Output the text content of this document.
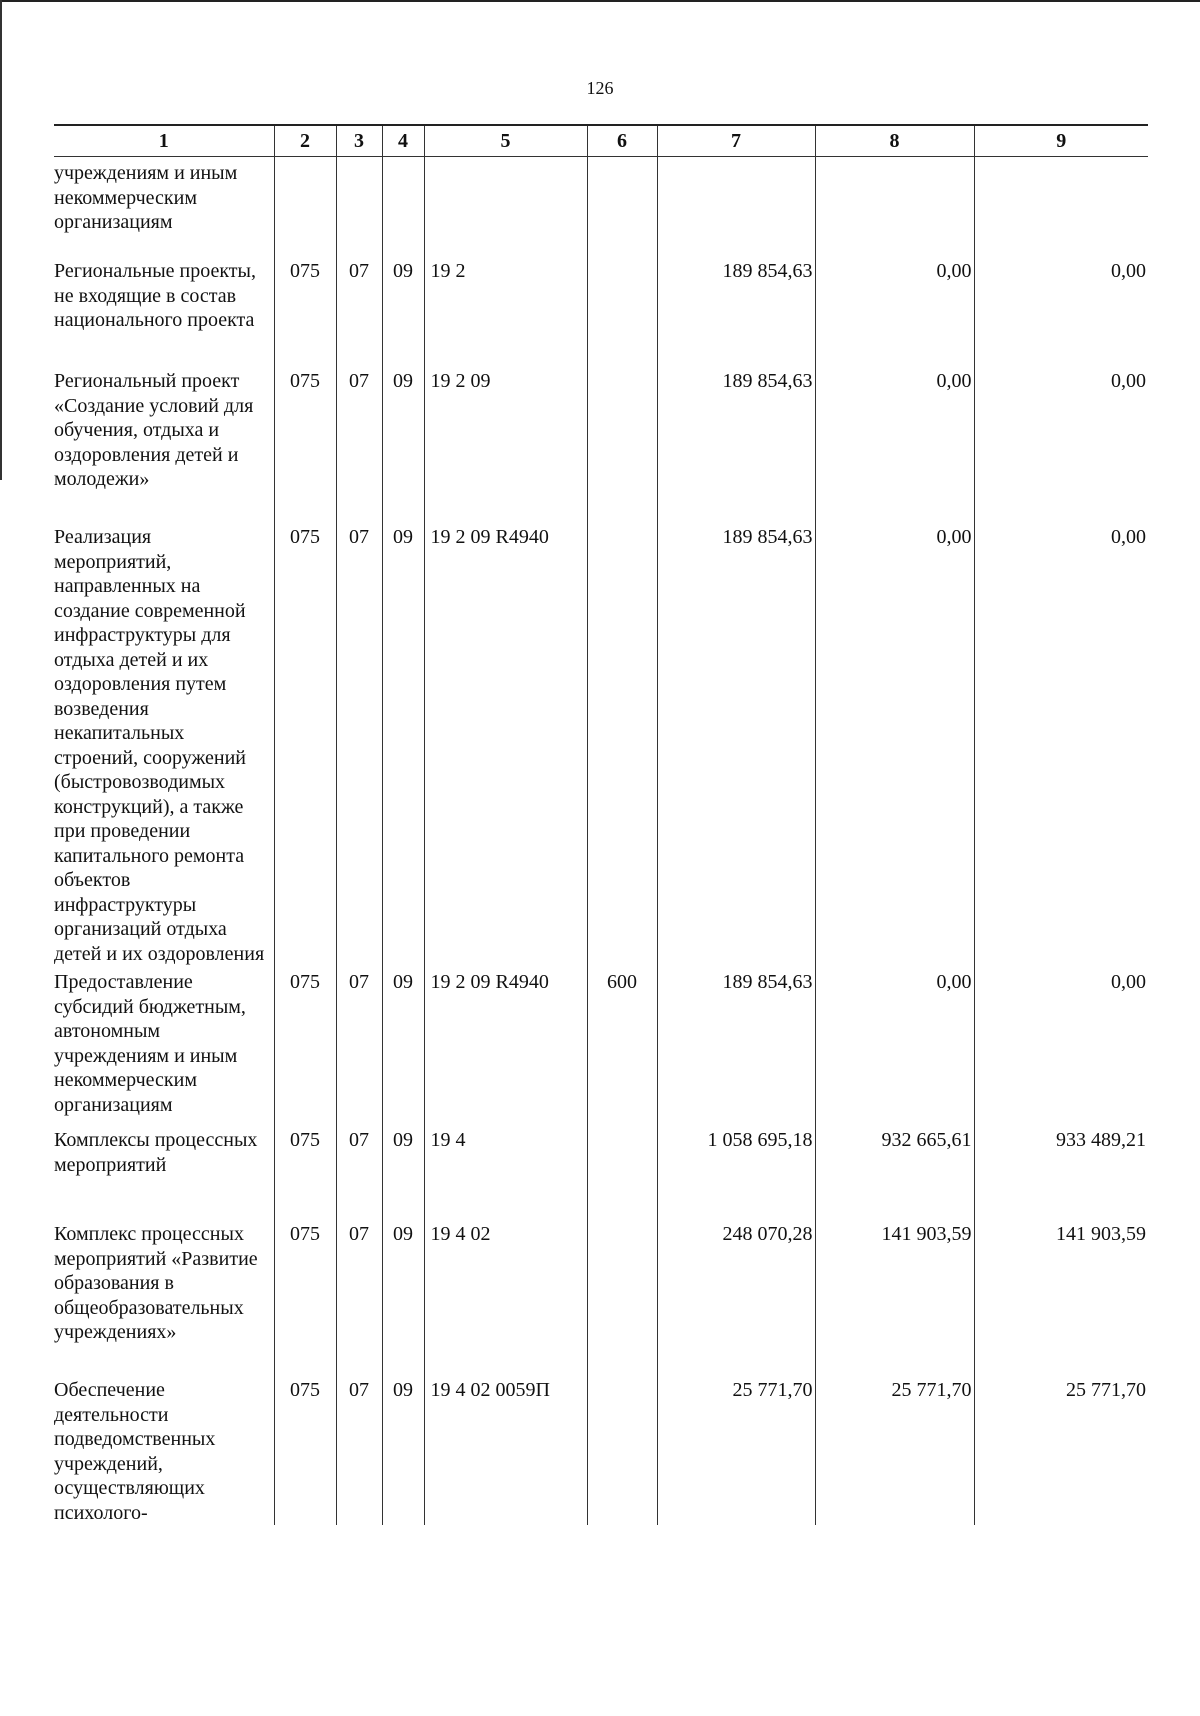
126
1	2	3	4	5	6	7	8	9
учреждениям и иным некоммерческим организациям								
Региональные проекты, не входящие в состав национального проекта	075	07	09	19 2		189 854,63	0,00	0,00
Региональный проект «Создание условий для обучения, отдыха и оздоровления детей и молодежи»	075	07	09	19 2 09		189 854,63	0,00	0,00
Реализация мероприятий, направленных на создание современной инфраструктуры для отдыха детей и их оздоровления путем возведения некапитальных строений, сооружений (быстровозводимых конструкций), а также при проведении капитального ремонта объектов инфраструктуры организаций отдыха детей и их оздоровления	075	07	09	19 2 09 R4940		189 854,63	0,00	0,00
Предоставление субсидий бюджетным, автономным учреждениям и иным некоммерческим организациям	075	07	09	19 2 09 R4940	600	189 854,63	0,00	0,00
Комплексы процессных мероприятий	075	07	09	19 4		1 058 695,18	932 665,61	933 489,21
Комплекс процессных мероприятий «Развитие образования в общеобразовательных учреждениях»	075	07	09	19 4 02		248 070,28	141 903,59	141 903,59
Обеспечение деятельности подведомственных учреждений, осуществляющих психолого-	075	07	09	19 4 02 0059П		25 771,70	25 771,70	25 771,70
